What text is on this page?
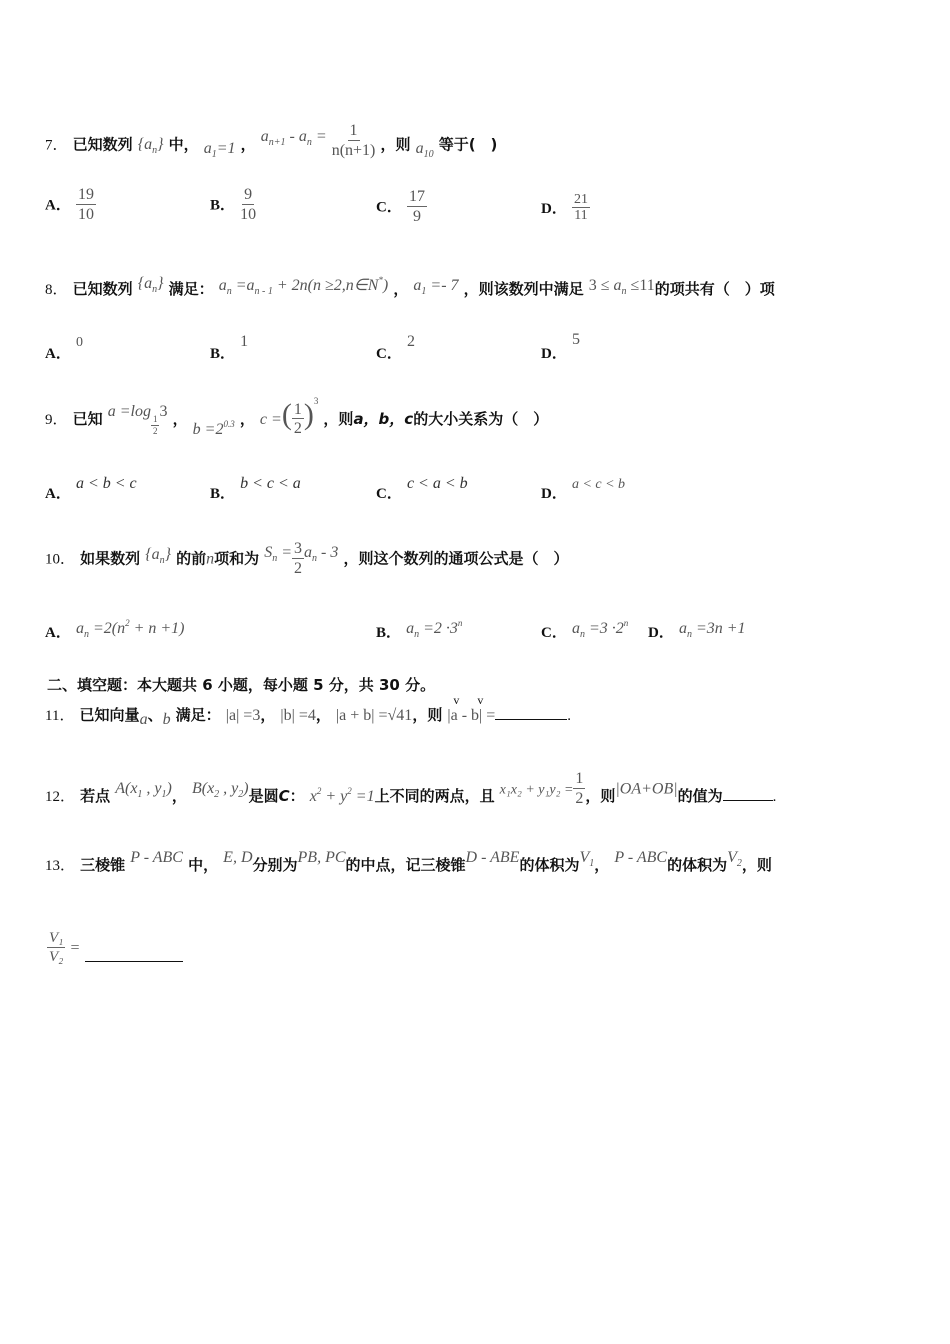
7． 已知数列 $\{a_n\}$ 中， $a_1=1$ ， $a_{n+1} - a_n = \frac{1}{n(n+1)}$ ，则 $a_{10}$ 等于(　)
A． $\frac{19}{10}$	B． $\frac{9}{10}$	C． $\frac{17}{9}$	D． $\frac{21}{11}$
8． 已知数列 $\{a_n\}$ 满足： $a_n =a_{n - 1} + 2n(n$ ≥2,n∈N*) ， $a_1 =- 7$ ，则该数列中满足 $3 \le a_n \le 11$的项共有（　）项
A． 0
B． 1
C． 2
D． 5
9． 已知 a =log
$\frac{1}{2}$
3 ， $b =2^{0.3}$ ， c =( $\frac{1}{2} )^3$ ，则a，b，c的大小关系为（　）
A． a < b < c
B． b < c < a
C． c < a < b
D． a < c < b
10． 如果数列 $\{a_n\}$ 的前n项和为 $S_n = \frac{3}{2} a_n - 3$ ，则这个数列的通项公式是（　）
A． $a_n =2(n^2 + n +1)$	B． $a_n =2 \cdot 3^n$
C． $a_n =3 \cdot 2^n$
D． $a_n =3n +1$
二、填空题：本大题共 6 小题，每小题 5 分，共 30 分。
11． 已知向量a、b 满足： |a| =3， |b| =4， |a + b| =√41，则 |a - b| =
v v
.
12． 若点 $A(x_1$ , $y_1$)， $B(x_2$ , $y_2$)是圆C： $x^2 + y^2 =1$上不同的两点，且 $x_1x_2 + y_1y_2 = \frac{1}{2}$ ，则|OA+OB|的值为	.
13． 三棱锥 P - ABC 中， E, D分别为PB, PC的中点，记三棱锥D - ABE的体积为$V_1$， P - ABC的体积为$V_2$，则
$\frac{\text{V₁}}{\text{V₂}}$ =
